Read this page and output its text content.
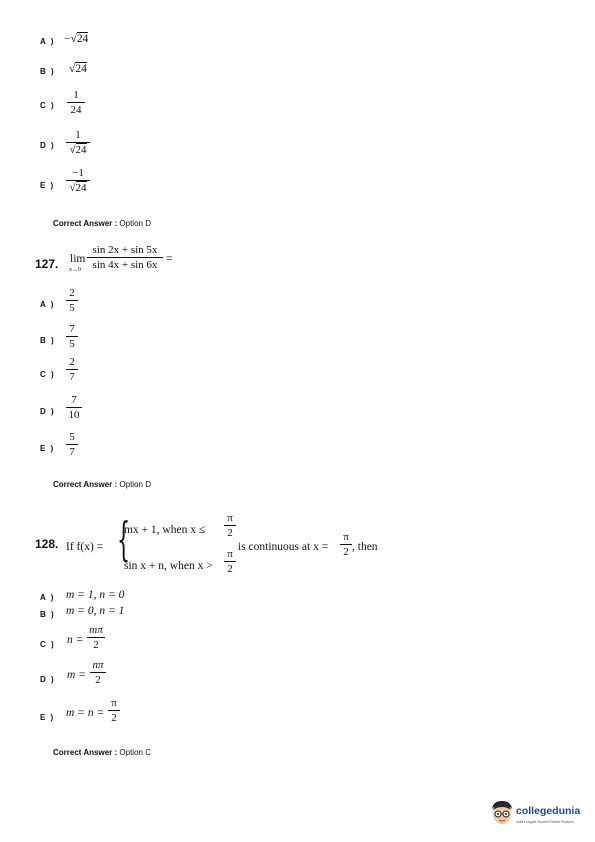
A ) −√24
B ) √24
C )
1
24
D )
1
√24
E )
−1
√24
Correct Answer : Option D
127. lim
x→0
sin 2x + sin 5x
sin 4x + sin 6x =
A )
2
5
B )
7
5
C )
2
7
D )
7
10
E )
5
7
Correct Answer : Option D
128. If f(x) = {
mx + 1, when x ≤
π
2
sin x + n, when x >
π
2
is continuous at x =
π
2 , then
A ) m = 1, n = 0
B ) m = 0, n = 1
C ) n =
mπ
2
D ) m =
nπ
2
E ) m = n =
π
2
Correct Answer : Option C
collegedunia
India's largest Student Review Platform
